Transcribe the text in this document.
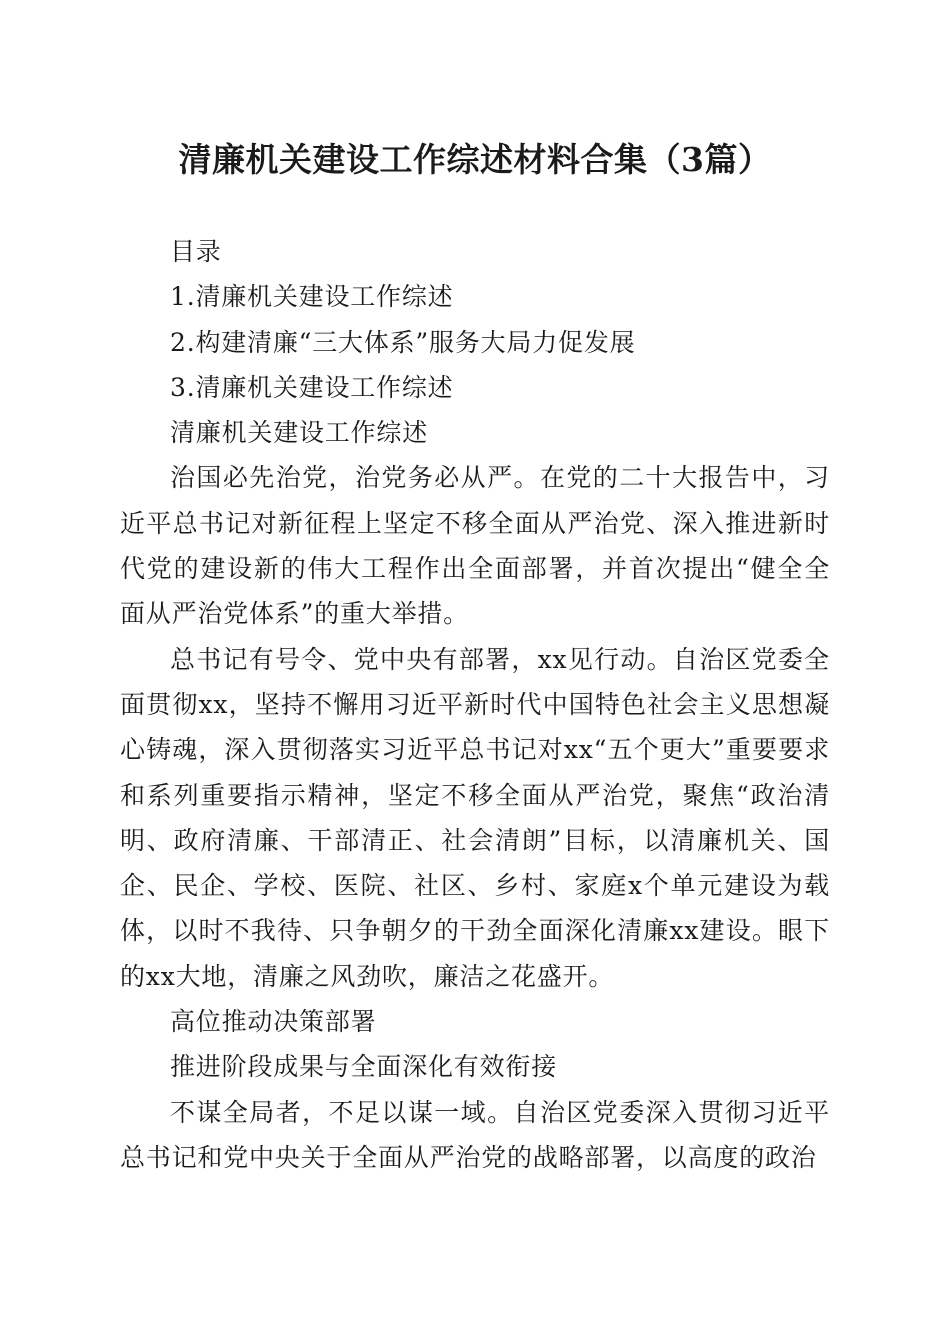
清廉机关建设工作综述材料合集（3篇）

目录

1.清廉机关建设工作综述

2.构建清廉“三大体系”服务大局力促发展

3.清廉机关建设工作综述

清廉机关建设工作综述

治国必先治党，治党务必从严。在党的二十大报告中，习近平总书记对新征程上坚定不移全面从严治党、深入推进新时代党的建设新的伟大工程作出全面部署，并首次提出“健全全面从严治党体系”的重大举措。

总书记有号令、党中央有部署，xx见行动。自治区党委全面贯彻xx，坚持不懈用习近平新时代中国特色社会主义思想凝心铸魂，深入贯彻落实习近平总书记对xx“五个更大”重要要求和系列重要指示精神，坚定不移全面从严治党，聚焦“政治清明、政府清廉、干部清正、社会清朗”目标，以清廉机关、国企、民企、学校、医院、社区、乡村、家庭x个单元建设为载体，以时不我待、只争朝夕的干劲全面深化清廉xx建设。眼下的xx大地，清廉之风劲吹，廉洁之花盛开。

高位推动决策部署

推进阶段成果与全面深化有效衔接

不谋全局者，不足以谋一域。自治区党委深入贯彻习近平总书记和党中央关于全面从严治党的战略部署，以高度的政治
